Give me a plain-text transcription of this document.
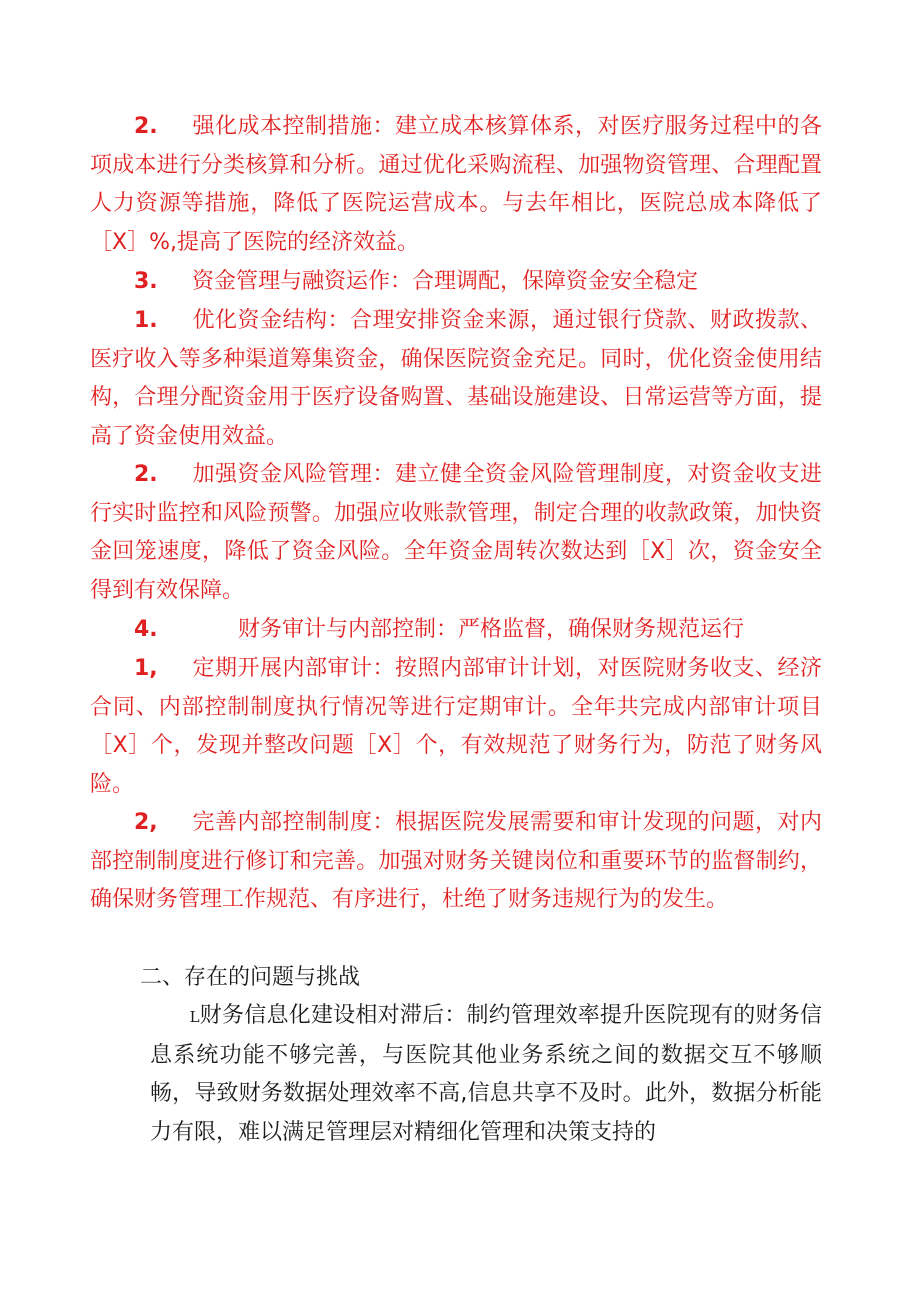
2. 强化成本控制措施：建立成本核算体系，对医疗服务过程中的各项成本进行分类核算和分析。通过优化采购流程、加强物资管理、合理配置人力资源等措施，降低了医院运营成本。与去年相比，医院总成本降低了［X］%,提高了医院的经济效益。

3. 资金管理与融资运作：合理调配，保障资金安全稳定

1. 优化资金结构：合理安排资金来源，通过银行贷款、财政拨款、医疗收入等多种渠道筹集资金，确保医院资金充足。同时，优化资金使用结构，合理分配资金用于医疗设备购置、基础设施建设、日常运营等方面，提高了资金使用效益。

2. 加强资金风险管理：建立健全资金风险管理制度，对资金收支进行实时监控和风险预警。加强应收账款管理，制定合理的收款政策，加快资金回笼速度，降低了资金风险。全年资金周转次数达到［X］次，资金安全得到有效保障。

4.	财务审计与内部控制：严格监督，确保财务规范运行

1, 定期开展内部审计：按照内部审计计划，对医院财务收支、经济合同、内部控制制度执行情况等进行定期审计。全年共完成内部审计项目［X］个，发现并整改问题［X］个，有效规范了财务行为，防范了财务风险。

2, 完善内部控制制度：根据医院发展需要和审计发现的问题，对内部控制制度进行修订和完善。加强对财务关键岗位和重要环节的监督制约，确保财务管理工作规范、有序进行，杜绝了财务违规行为的发生。

二、存在的问题与挑战

L财务信息化建设相对滞后：制约管理效率提升医院现有的财务信息系统功能不够完善，与医院其他业务系统之间的数据交互不够顺畅，导致财务数据处理效率不高,信息共享不及时。此外，数据分析能力有限，难以满足管理层对精细化管理和决策支持的
